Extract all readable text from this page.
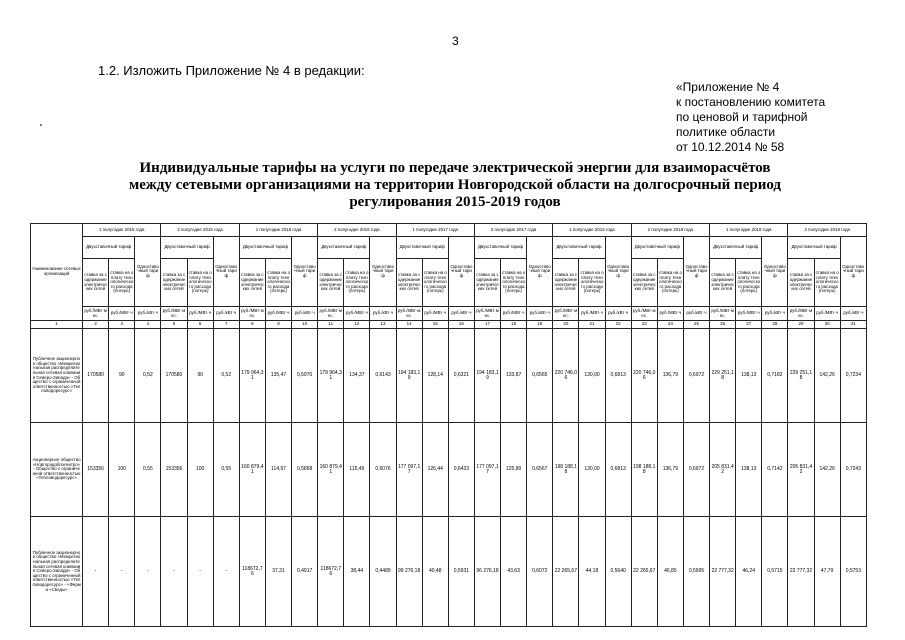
3
1.2. Изложить Приложение № 4 в редакции:
«Приложение № 4
к постановлению комитета
по ценовой и тарифной
политике области
от 10.12.2014 № 58
Индивидуальные тарифы на услуги по передаче электрической энергии для взаиморасчётов
между сетевыми организациями на территории Новгородской области на долгосрочный период
регулирования 2015-2019 годов
Наименование сетевых организаций	1 полугодие 2015 года			2 полугодие 2015 года			1 полугодие 2016 года			2 полугодие 2016 года			1 полугодие 2017 года			2 полугодие 2017 года			1 полугодие 2018 года			2 полугодие 2018 года			1 полугодие 2019 года			2 полугодие 2019 года		
	Двухставочный тариф		Одноставочный тариф	Двухставочный тариф		Одноставочный тариф	Двухставочный тариф		Одноставочный тариф	Двухставочный тариф		Одноставочный тариф	Двухставочный тариф		Одноставочный тариф	Двухставочный тариф		Одноставочный тариф	Двухставочный тариф		Одноставочный тариф	Двухставочный тариф		Одноставочный тариф	Двухставочный тариф		Одноставочный тариф	Двухставочный тариф		Одноставочный тариф
	ставка за содержание электрических сетей	ставка на оплату технологического расхода (потерь)		ставка за содержание электрических сетей	ставка на оплату технологического расхода (потерь)		ставка за содержание электрических сетей	ставка на оплату технологического расхода (потерь)		ставка за содержание электрических сетей	ставка на оплату технологического расхода (потерь)		ставка за содержание электрических сетей	ставка на оплату технологического расхода (потерь)		ставка за содержание электрических сетей	ставка на оплату технологического расхода (потерь)		ставка за содержание электрических сетей	ставка на оплату технологического расхода (потерь)		ставка за содержание электрических сетей	ставка на оплату технологического расхода (потерь)		ставка за содержание электрических сетей	ставка на оплату технологического расхода (потерь)		ставка за содержание электрических сетей	ставка на оплату технологического расхода (потерь)	
	руб./МВт·мес.	руб./МВт·ч	руб./кВт·ч	руб./МВт·мес.	руб./МВт·ч	руб./кВт·ч	руб./МВт·мес.	руб./МВт·ч	руб./кВт·ч	руб./МВт·мес.	руб./МВт·ч	руб./кВт·ч	руб./МВт·мес.	руб./МВт·ч	руб./кВт·ч	руб./МВт·мес.	руб./МВт·ч	руб./кВт·ч	руб./МВт·мес.	руб./МВт·ч	руб./кВт·ч	руб./МВт·мес.	руб./МВт·ч	руб./кВт·ч	руб./МВт·мес.	руб./МВт·ч	руб./кВт·ч	руб./МВт·мес.	руб./МВт·ч	руб./кВт·ч
1	2	3	4	5	6	7	8	9	10	11	12	13	14	15	16	17	18	19	20	21	22	23	24	25	26	27	28	29	30	31
Публичное акционерное общество «Межрегиональная распределительная сетевая компания Северо-Запада» - Общество с ограниченной ответственностью «Тепловодоресурс»	170580	90	0,52	170580	90	0,52	179 964,31	135,47	0,5970	179 964,31	134,37	0,6143	194 183,19	128,14	0,6321	194 183,19	133,87	0,6565	220 746,06	130,00	0,6813	220 746,06	136,79	0,6972	229 251,18	138,13	0,7182	229 251,18	142,26	0,7234
Акционерное общество «Новгородоблэлектро» - Общество с ограниченной ответственностью «Тепловодоресурс»	153356	100	0,55	153356	100	0,55	160 879,41	114,97	0,5868	160 879,41	115,49	0,6076	177 097,17	126,44	0,6423	177 097,17	125,80	0,6567	198 188,18	130,00	0,6813	198 188,18	136,79	0,6972	205 831,42	138,13	0,7142	205 831,42	142,26	0,7243
Публичное акционерное общество «Межрегиональная распределительная сетевая компания Северо-Запада» - Общество с ограниченной ответственностью «Тепловодоресурс» - «Ферма «Своды»	-	-	-	-	-	-	118672,76	37,31	0,4917	118672,76	38,44	0,4489	99 276,18	40,48	0,5931	96 276,18	43,63	0,6072	22 265,67	44,18	0,5640	22 265,67	46,85	0,5995	22 777,32	46,24	0,5715	22 777,32	47,79	0,5753
